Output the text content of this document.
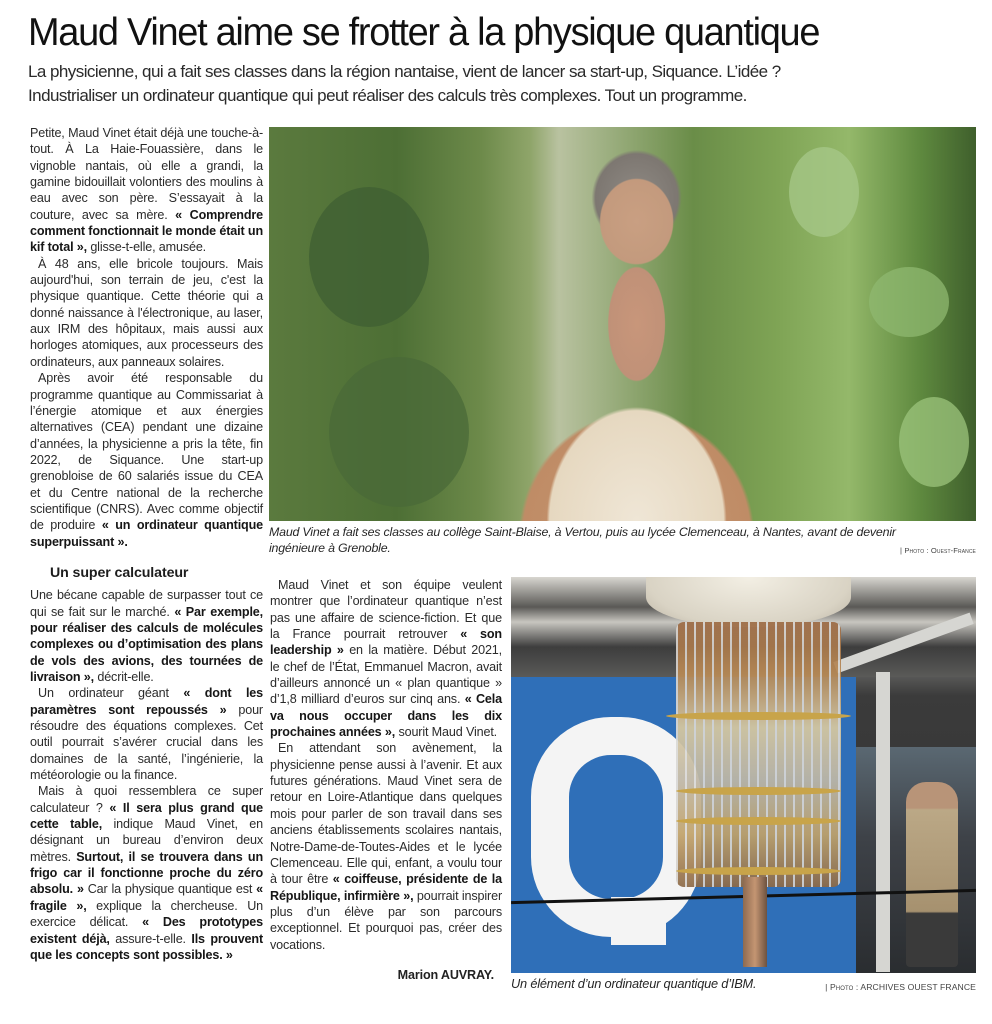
Maud Vinet aime se frotter à la physique quantique
La physicienne, qui a fait ses classes dans la région nantaise, vient de lancer sa start-up, Siquance. L’idée ?
Industrialiser un ordinateur quantique qui peut réaliser des calculs très complexes. Tout un programme.

Petite, Maud Vinet était déjà une touche-à-tout. À La Haie-Fouassière, dans le vignoble nantais, où elle a grandi, la gamine bidouillait volontiers des moulins à eau avec son père. S’essayait à la couture, avec sa mère. « Comprendre comment fonctionnait le monde était un kif total », glisse-t-elle, amusée.

À 48 ans, elle bricole toujours. Mais aujourd'hui, son terrain de jeu, c'est la physique quantique. Cette théorie qui a donné naissance à l'électronique, au laser, aux IRM des hôpitaux, mais aussi aux horloges atomiques, aux processeurs des ordinateurs, aux panneaux solaires.

Après avoir été responsable du programme quantique au Commissariat à l’énergie atomique et aux énergies alternatives (CEA) pendant une dizaine d’années, la physicienne a pris la tête, fin 2022, de Siquance. Une start-up grenobloise de 60 salariés issue du CEA et du Centre national de la recherche scientifique (CNRS). Avec comme objectif de produire « un ordinateur quantique superpuissant ».

Un super calculateur

Une bécane capable de surpasser tout ce qui se fait sur le marché. « Par exemple, pour réaliser des calculs de molécules complexes ou d’optimisation des plans de vols des avions, des tournées de livraison », décrit-elle.

Un ordinateur géant « dont les paramètres sont repoussés » pour résoudre des équations complexes. Cet outil pourrait s’avérer crucial dans les domaines de la santé, l’ingénierie, la météorologie ou la finance.

Mais à quoi ressemblera ce super calculateur ? « Il sera plus grand que cette table, indique Maud Vinet, en désignant un bureau d’environ deux mètres. Surtout, il se trouvera dans un frigo car il fonctionne proche du zéro absolu. » Car la physique quantique est « fragile », explique la chercheuse. Un exercice délicat. « Des prototypes existent déjà, assure-t-elle. Ils prouvent que les concepts sont possibles. »

Maud Vinet a fait ses classes au collège Saint-Blaise, à Vertou, puis au lycée Clemenceau, à Nantes, avant de devenir ingénieure à Grenoble.	| Photo : Ouest-France

Maud Vinet et son équipe veulent montrer que l’ordinateur quantique n’est pas une affaire de science-fiction. Et que la France pourrait retrouver « son leadership » en la matière. Début 2021, le chef de l’État, Emmanuel Macron, avait d’ailleurs annoncé un « plan quantique » d’1,8 milliard d’euros sur cinq ans. « Cela va nous occuper dans les dix prochaines années », sourit Maud Vinet.

En attendant son avènement, la physicienne pense aussi à l’avenir. Et aux futures générations. Maud Vinet sera de retour en Loire-Atlantique dans quelques mois pour parler de son travail dans ses anciens établissements scolaires nantais, Notre-Dame-de-Toutes-Aides et le lycée Clemenceau. Elle qui, enfant, a voulu tour à tour être « coiffeuse, présidente de la République, infirmière », pourrait inspirer plus d’un élève par son parcours exceptionnel. Et pourquoi pas, créer des vocations.

Marion AUVRAY.

Un élément d’un ordinateur quantique d’IBM.	| Photo : ARCHIVES OUEST FRANCE
